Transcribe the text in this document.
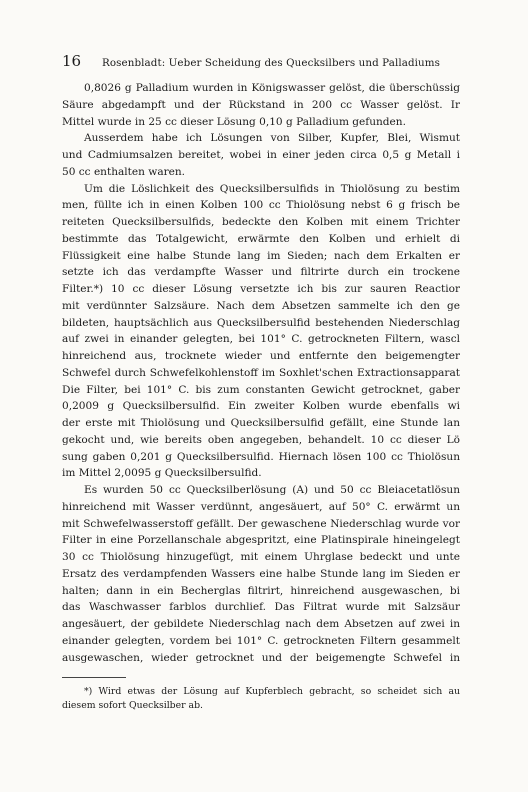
16	Rosenbladt: Ueber Scheidung des Quecksilbers und Palladiums
0,8026 g Palladium wurden in Königswasser gelöst, die überschüssig
Säure abgedampft und der Rückstand in 200 cc Wasser gelöst. Ir
Mittel wurde in 25 cc dieser Lösung 0,10 g Palladium gefunden.
Ausserdem habe ich Lösungen von Silber, Kupfer, Blei, Wismut
und Cadmiumsalzen bereitet, wobei in einer jeden circa 0,5 g Metall i
50 cc enthalten waren.
Um die Löslichkeit des Quecksilbersulfids in Thiolösung zu bestim
men, füllte ich in einen Kolben 100 cc Thiolösung nebst 6 g frisch be
reiteten Quecksilbersulfids, bedeckte den Kolben mit einem Trichter
bestimmte das Totalgewicht, erwärmte den Kolben und erhielt di
Flüssigkeit eine halbe Stunde lang im Sieden; nach dem Erkalten er
setzte ich das verdampfte Wasser und filtrirte durch ein trockene
Filter.*) 10 cc dieser Lösung versetzte ich bis zur sauren Reactior
mit verdünnter Salzsäure. Nach dem Absetzen sammelte ich den ge
bildeten, hauptsächlich aus Quecksilbersulfid bestehenden Niederschlag
auf zwei in einander gelegten, bei 101° C. getrockneten Filtern, wascl
hinreichend aus, trocknete wieder und entfernte den beigemengter
Schwefel durch Schwefelkohlenstoff im Soxhlet'schen Extractionsapparat
Die Filter, bei 101° C. bis zum constanten Gewicht getrocknet, gaber
0,2009 g Quecksilbersulfid. Ein zweiter Kolben wurde ebenfalls wi
der erste mit Thiolösung und Quecksilbersulfid gefällt, eine Stunde lan
gekocht und, wie bereits oben angegeben, behandelt. 10 cc dieser Lö
sung gaben 0,201 g Quecksilbersulfid. Hiernach lösen 100 cc Thiolösun
im Mittel 2,0095 g Quecksilbersulfid.
Es wurden 50 cc Quecksilberlösung (A) und 50 cc Bleiacetatlösun
hinreichend mit Wasser verdünnt, angesäuert, auf 50° C. erwärmt un
mit Schwefelwasserstoff gefällt. Der gewaschene Niederschlag wurde vor
Filter in eine Porzellanschale abgespritzt, eine Platinspirale hineingelegt
30 cc Thiolösung hinzugefügt, mit einem Uhrglase bedeckt und unte
Ersatz des verdampfenden Wassers eine halbe Stunde lang im Sieden er
halten; dann in ein Becherglas filtrirt, hinreichend ausgewaschen, bi
das Waschwasser farblos durchlief. Das Filtrat wurde mit Salzsäur
angesäuert, der gebildete Niederschlag nach dem Absetzen auf zwei in
einander gelegten, vordem bei 101° C. getrockneten Filtern gesammelt
ausgewaschen, wieder getrocknet und der beigemengte Schwefel in
*) Wird etwas der Lösung auf Kupferblech gebracht, so scheidet sich au
diesem sofort Quecksilber ab.
